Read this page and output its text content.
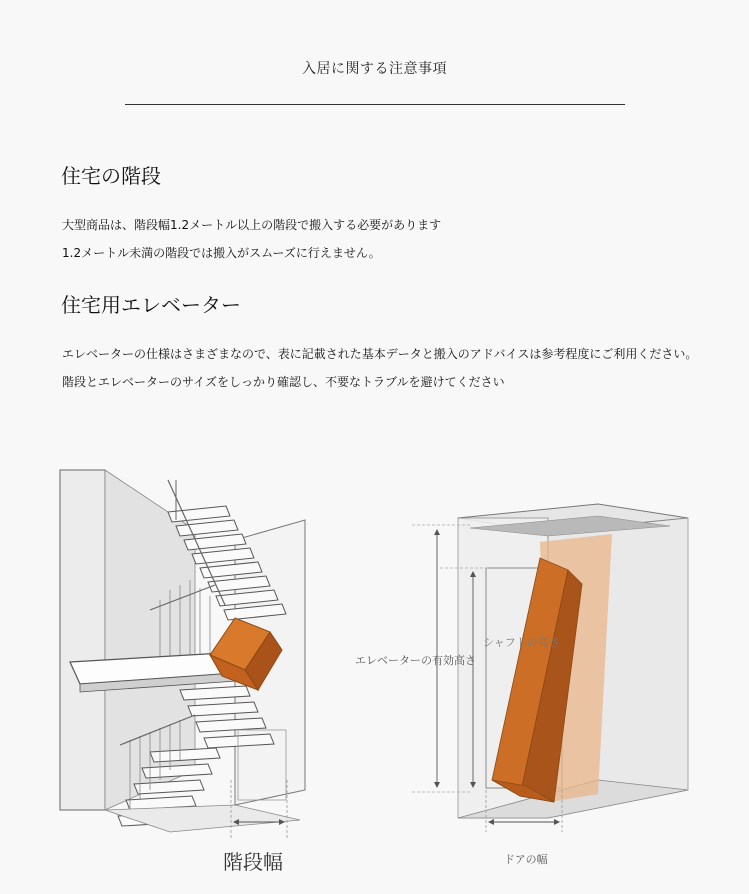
入居に関する注意事項
住宅の階段
大型商品は、階段幅1.2メートル以上の階段で搬入する必要があります
1.2メートル未満の階段では搬入がスムーズに行えません。
住宅用エレベーター
エレベーターの仕様はさまざまなので、表に記載された基本データと搬入のアドバイスは参考程度にご利用ください。
階段とエレベーターのサイズをしっかり確認し、不要なトラブルを避けてください
階段幅
エレベーターの有効高さ
シャフトの高さ
ドアの幅
